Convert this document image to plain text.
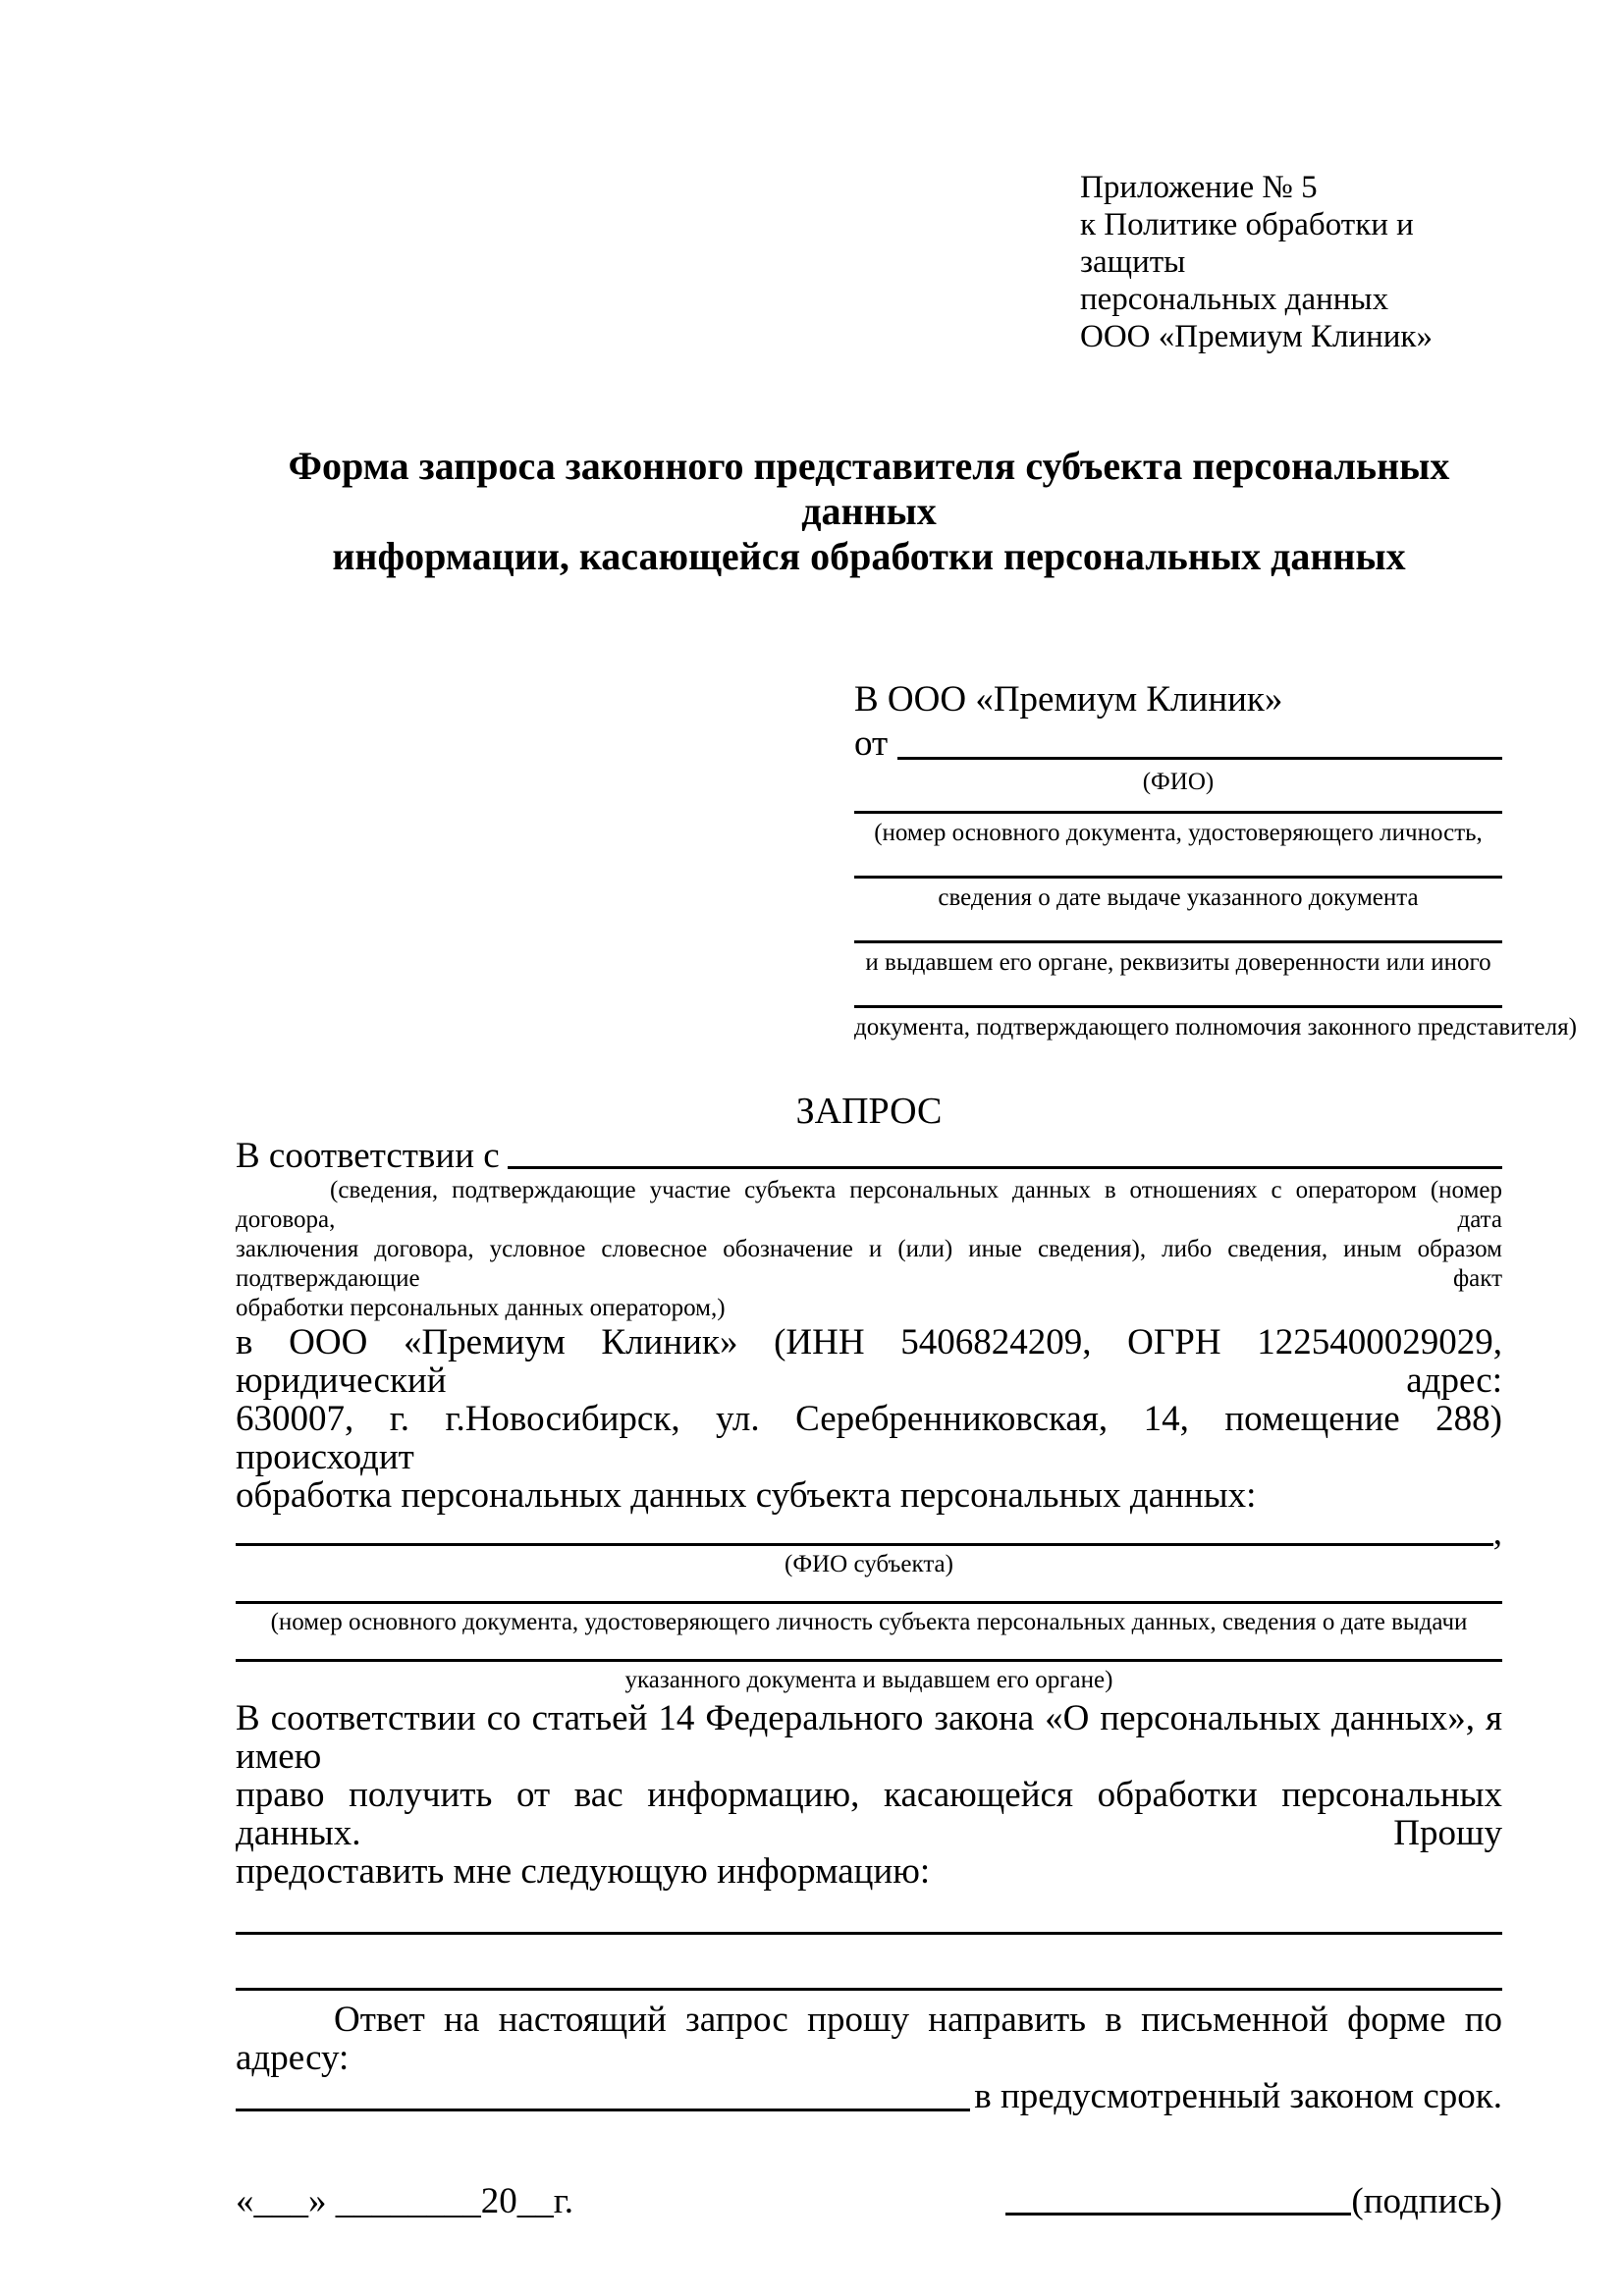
Приложение № 5
к Политике обработки и защиты
персональных данных
ООО «Премиум Клиник»
Форма запроса законного представителя субъекта персональных данных
информации, касающейся обработки персональных данных
В ООО «Премиум Клиник»
от
(ФИО)
(номер основного документа, удостоверяющего личность,
сведения о дате выдаче указанного документа
и выдавшем его органе, реквизиты доверенности или иного
документа, подтверждающего полномочия законного представителя)
ЗАПРОС
В соответствии с
(сведения, подтверждающие участие субъекта персональных данных в отношениях с оператором (номер договора, дата
заключения договора, условное словесное обозначение и (или) иные сведения), либо сведения, иным образом подтверждающие факт
обработки персональных данных оператором,)
в ООО «Премиум Клиник» (ИНН 5406824209, ОГРН 1225400029029, юридический адрес:
630007, г. г.Новосибирск, ул. Серебренниковская, 14, помещение 288) происходит
обработка персональных данных субъекта персональных данных:
,
(ФИО субъекта)
(номер основного документа, удостоверяющего личность субъекта персональных данных, сведения о дате выдачи
указанного документа и выдавшем его органе)
В соответствии со статьей 14 Федерального закона «О персональных данных», я имею
право получить от вас информацию, касающейся обработки персональных данных. Прошу
предоставить мне следующую информацию:
Ответ на настоящий запрос прошу направить в письменной форме по адресу:
в предусмотренный законом срок.
«___» ________20__г.	(подпись)
